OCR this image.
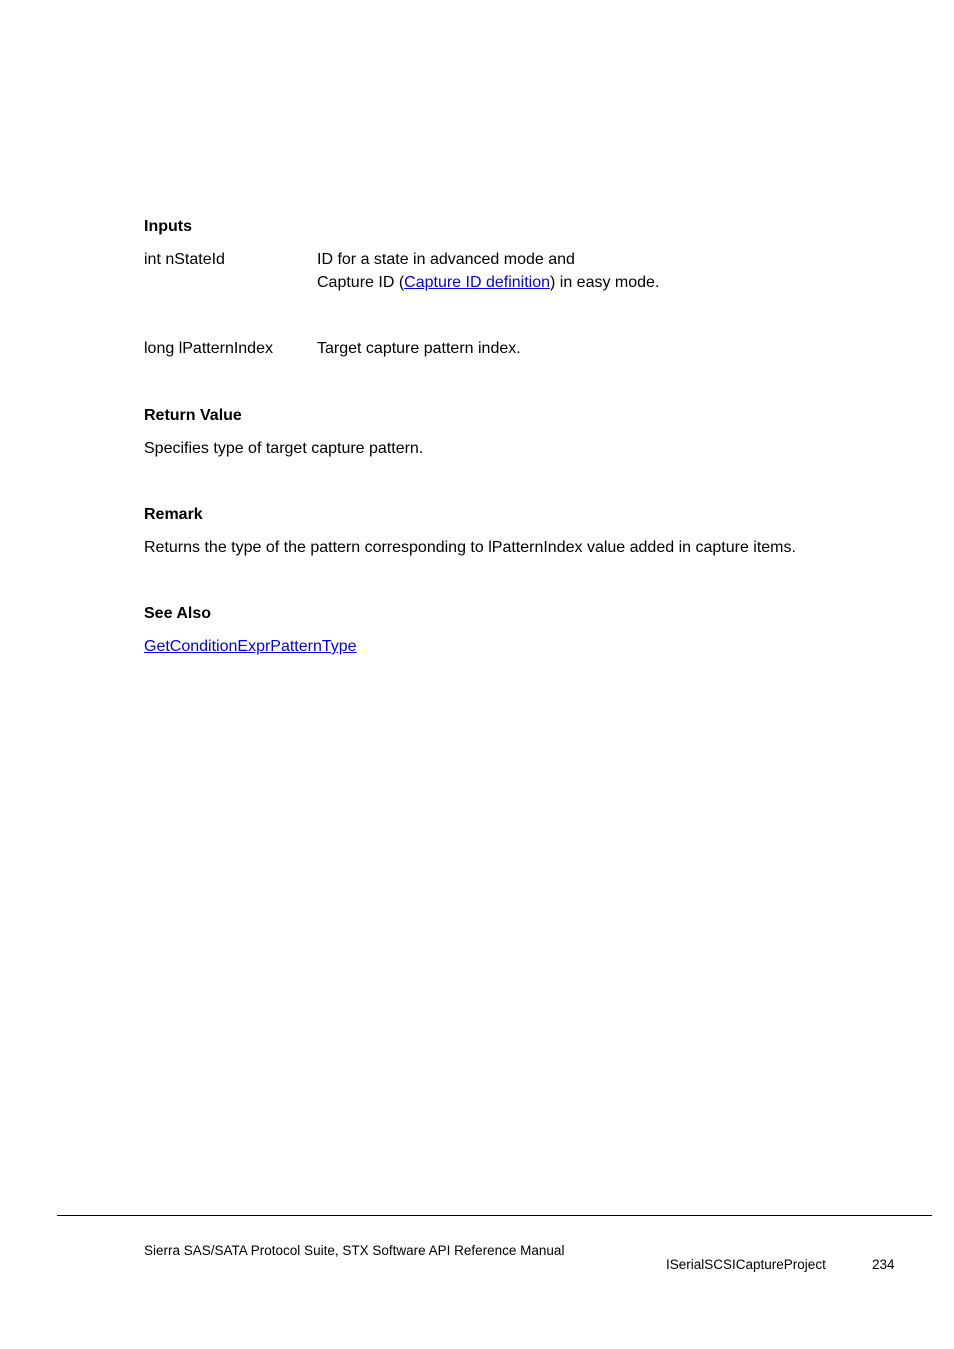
Inputs
int nStateId	ID for a state in advanced mode and
Capture ID (Capture ID definition) in easy mode.
long lPatternIndex	Target capture pattern index.
Return Value
Specifies type of target capture pattern.
Remark
Returns the type of the pattern corresponding to lPatternIndex value added in capture items.
See Also
GetConditionExprPatternType
Sierra SAS/SATA Protocol Suite, STX Software API Reference Manual
ISerialSCSICaptureProject	234
